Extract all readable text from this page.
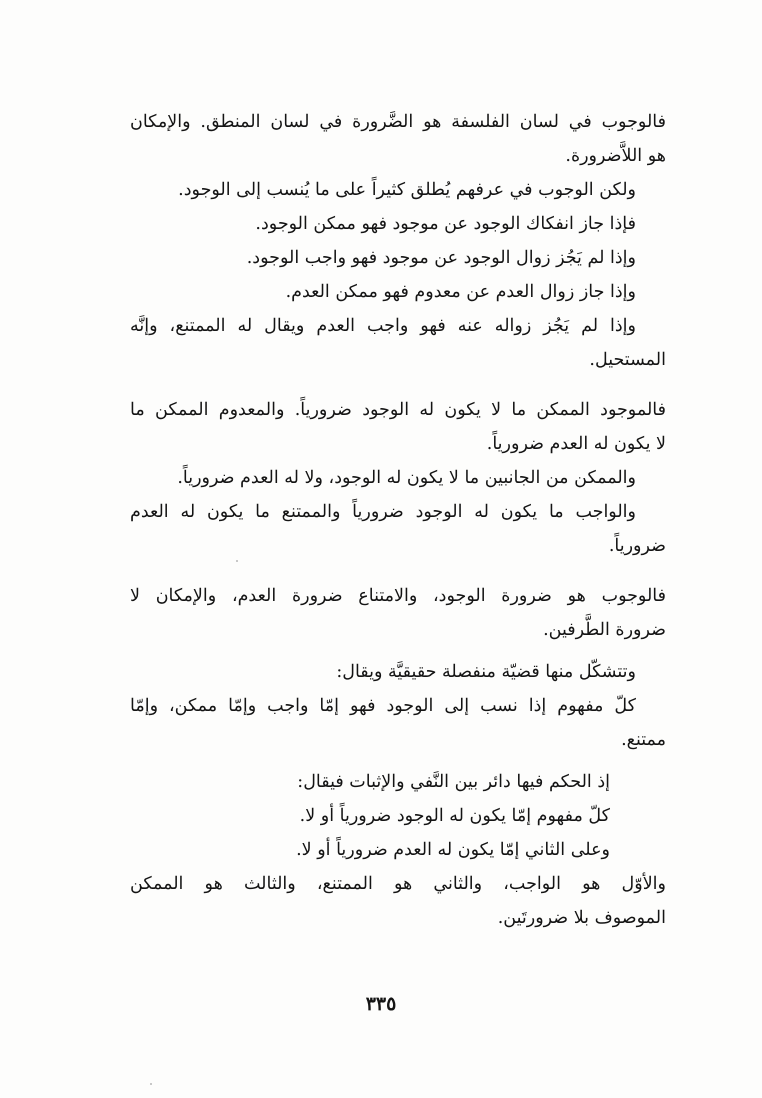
فالوجوب في لسان الفلسفة هو الضَّرورة في لسان المنطق. والإمكان
هو اللاَّضرورة.
ولكن الوجوب في عرفهم يُطلق كثيراً على ما يُنسب إلى الوجود.
فإذا جاز انفكاك الوجود عن موجود فهو ممكن الوجود.
وإذا لم يَجُز زوال الوجود عن موجود فهو واجب الوجود.
وإذا جاز زوال العدم عن معدوم فهو ممكن العدم.
وإذا لم يَجُز زواله عنه فهو واجب العدم ويقال له الممتنع، وإنَّه
المستحيل.
فالموجود الممكن ما لا يكون له الوجود ضرورياً. والمعدوم الممكن ما
لا يكون له العدم ضرورياً.
والممكن من الجانبين ما لا يكون له الوجود، ولا له العدم ضرورياً.
والواجب ما يكون له الوجود ضرورياً والممتنع ما يكون له العدم
ضرورياً.
فالوجوب هو ضرورة الوجود، والامتناع ضرورة العدم، والإمكان لا
ضرورة الطَّرفين.
وتتشكّل منها قضيّة منفصلة حقيقيَّة ويقال:
كلّ مفهوم إذا نسب إلى الوجود فهو إمّا واجب وإمّا ممكن، وإمّا
ممتنع.
إذ الحكم فيها دائر بين النَّفي والإثبات فيقال:
كلّ مفهوم إمّا يكون له الوجود ضرورياً أو لا.
وعلى الثاني إمّا يكون له العدم ضرورياً أو لا.
والأوّل هو الواجب، والثاني هو الممتنع، والثالث هو الممكن
الموصوف بلا ضرورتَين.
٣٣٥
